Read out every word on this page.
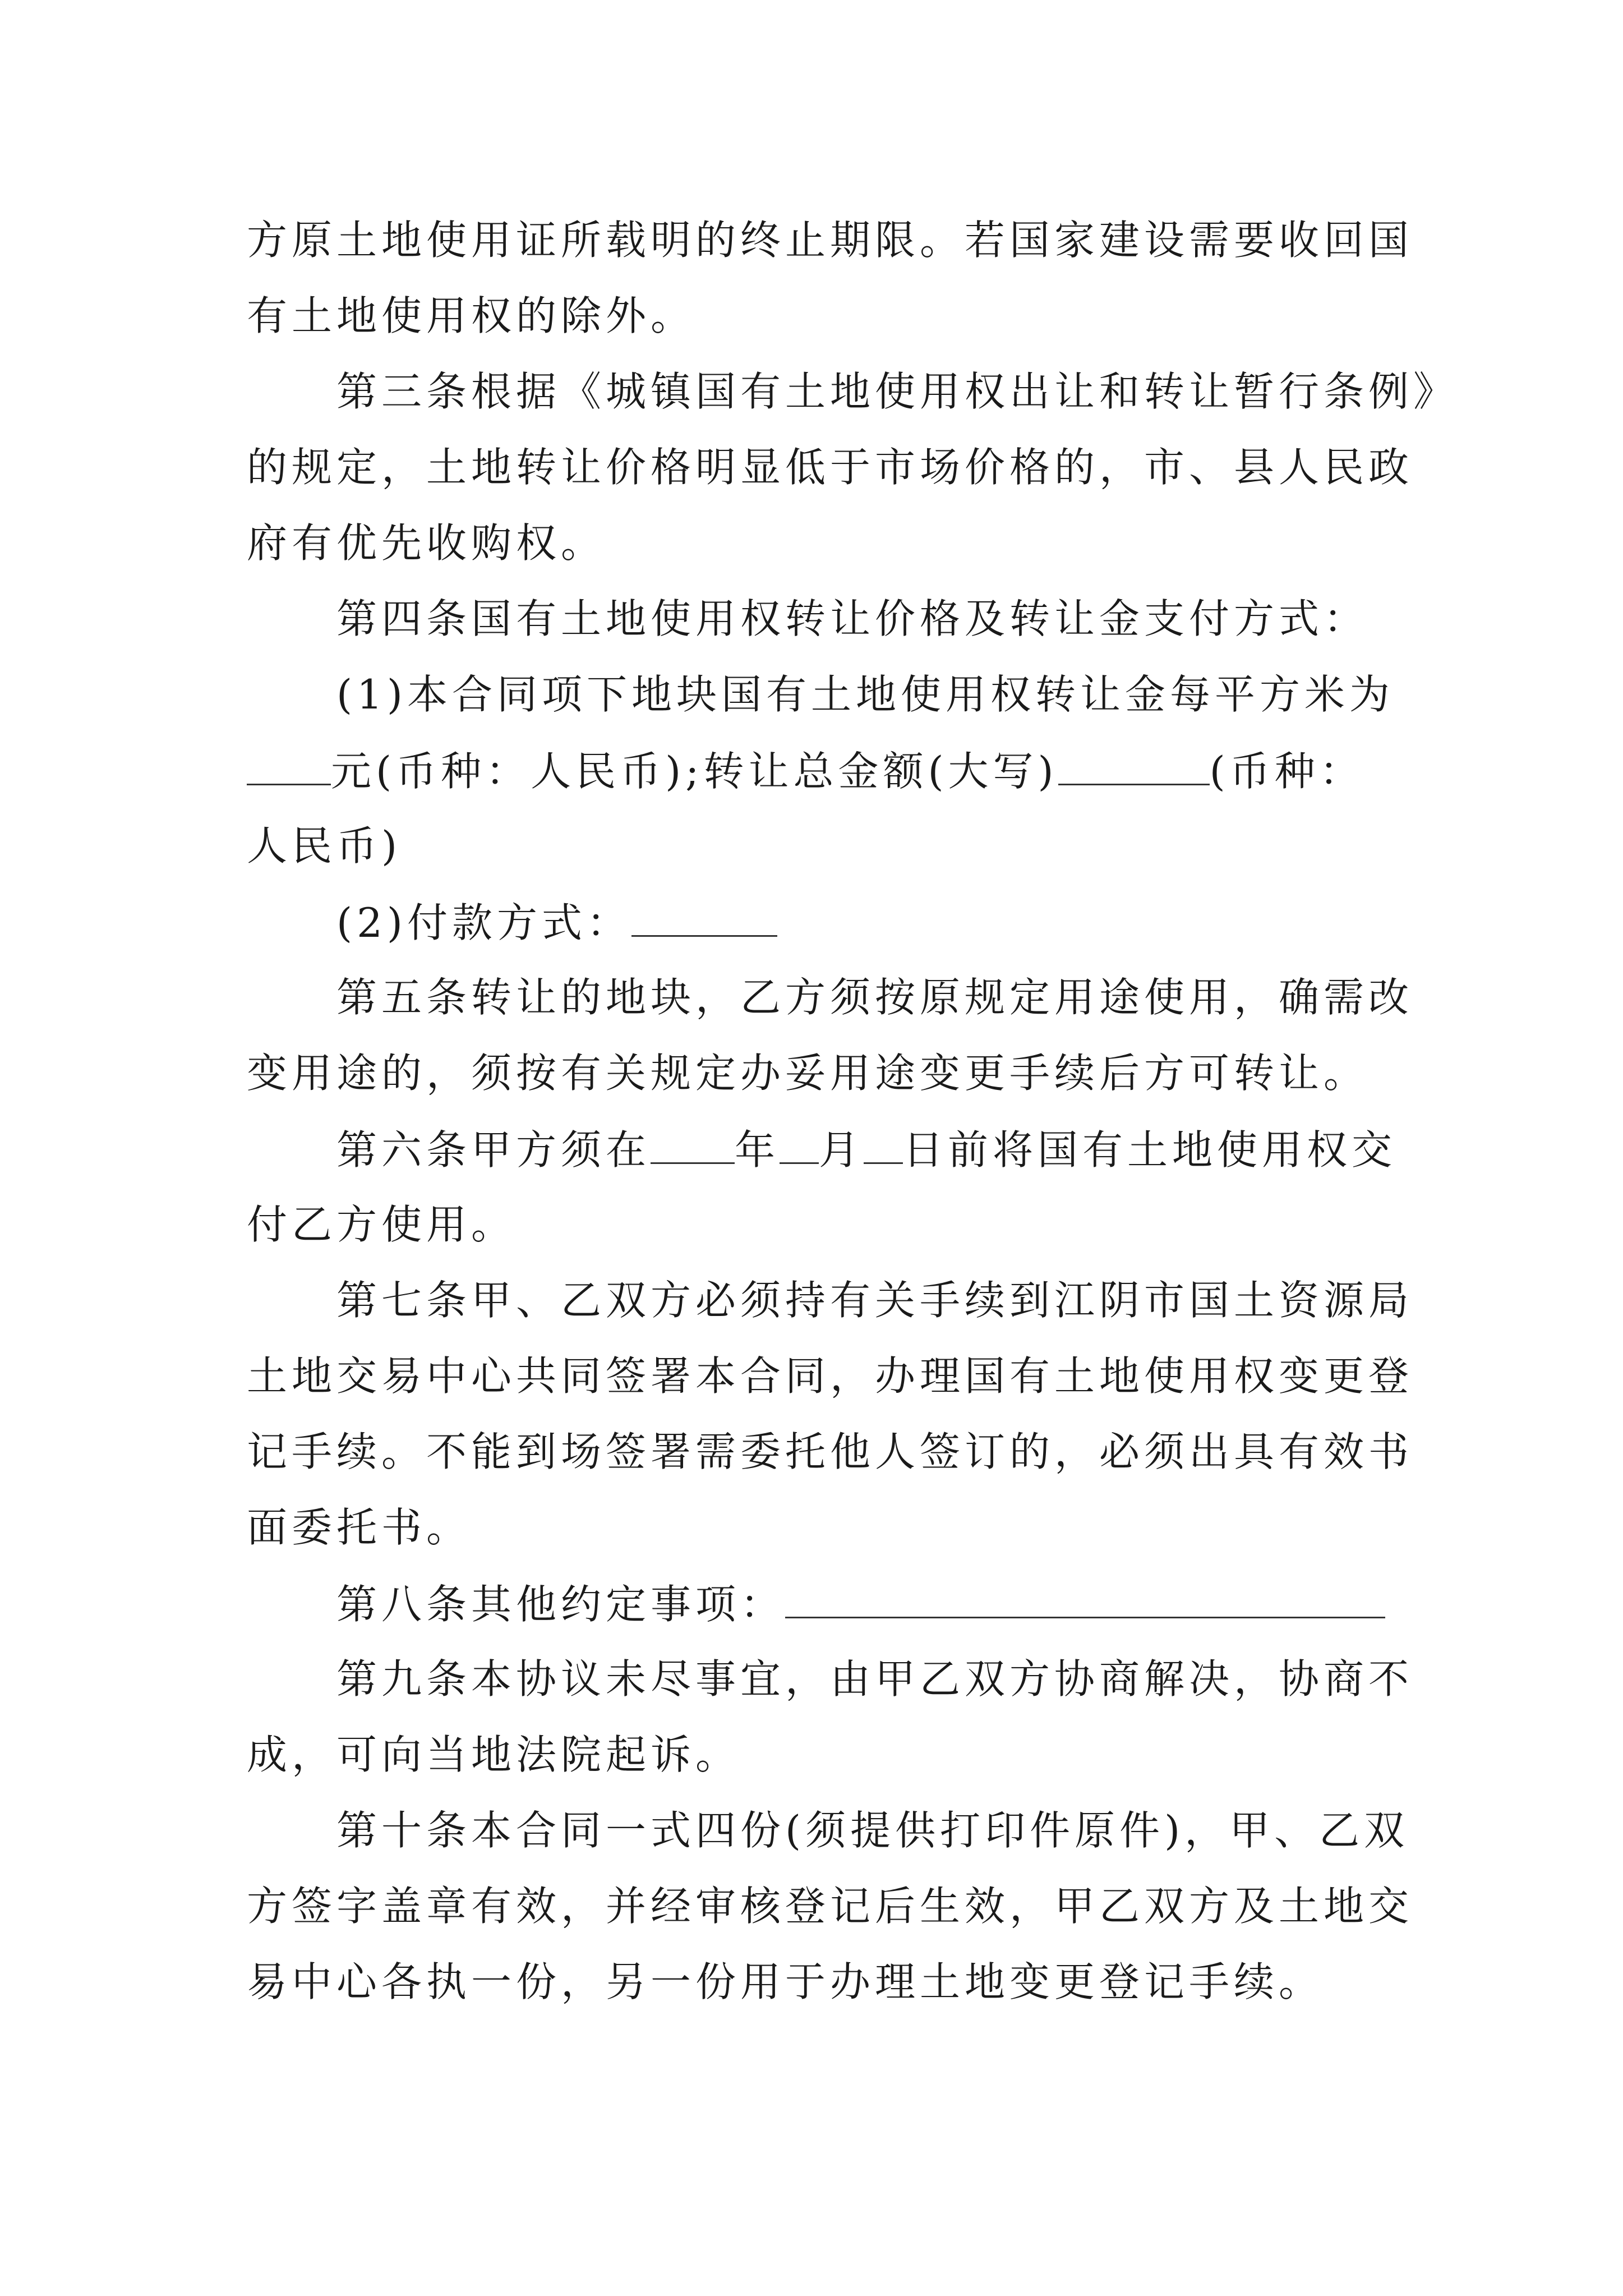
方原土地使用证所载明的终止期限。若国家建设需要收回国
有土地使用权的除外。
第三条根据《城镇国有土地使用权出让和转让暂行条例》
的规定，土地转让价格明显低于市场价格的，市、县人民政
府有优先收购权。
第四条国有土地使用权转让价格及转让金支付方式：
(1)本合同项下地块国有土地使用权转让金每平方米为
元(币种：人民币);转让总金额(大写)	(币种：
人民币)
(2)付款方式：
第五条转让的地块，乙方须按原规定用途使用，确需改
变用途的，须按有关规定办妥用途变更手续后方可转让。
第六条甲方须在 年 月 日前将国有土地使用权交
付乙方使用。
第七条甲、乙双方必须持有关手续到江阴市国土资源局
土地交易中心共同签署本合同，办理国有土地使用权变更登
记手续。不能到场签署需委托他人签订的，必须出具有效书
面委托书。
第八条其他约定事项：
第九条本协议未尽事宜，由甲乙双方协商解决，协商不
成，可向当地法院起诉。
第十条本合同一式四份(须提供打印件原件)，甲、乙双
方签字盖章有效，并经审核登记后生效，甲乙双方及土地交
易中心各执一份，另一份用于办理土地变更登记手续。
